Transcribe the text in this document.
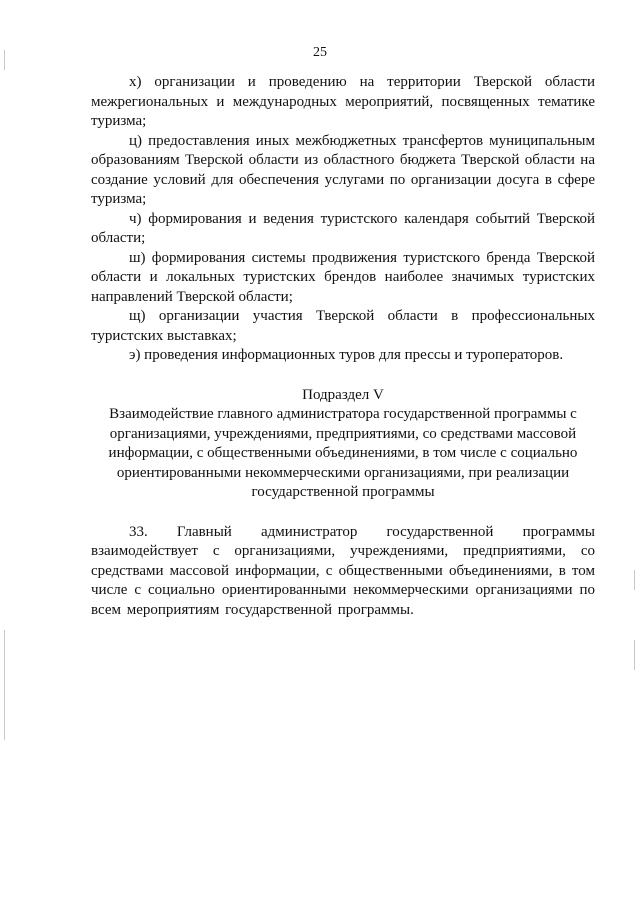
25

х) организации и проведению на территории Тверской области межрегиональных и международных мероприятий, посвященных тематике туризма;

ц) предоставления иных межбюджетных трансфертов муниципальным образованиям Тверской области из областного бюджета Тверской области на создание условий для обеспечения услугами по организации досуга в сфере туризма;

ч) формирования и ведения туристского календаря событий Тверской области;

ш) формирования системы продвижения туристского бренда Тверской области и локальных туристских брендов наиболее значимых туристских направлений Тверской области;

щ) организации участия Тверской области в профессиональных туристских выставках;

э) проведения информационных туров для прессы и туроператоров.

Подраздел V

Взаимодействие главного администратора государственной программы с организациями, учреждениями, предприятиями, со средствами массовой информации, с общественными объединениями, в том числе с социально ориентированными некоммерческими организациями, при реализации государственной программы

33. Главный администратор государственной программы взаимодействует с организациями, учреждениями, предприятиями, со средствами массовой информации, с общественными объединениями, в том числе с социально ориентированными некоммерческими организациями по всем мероприятиям государственной программы.
